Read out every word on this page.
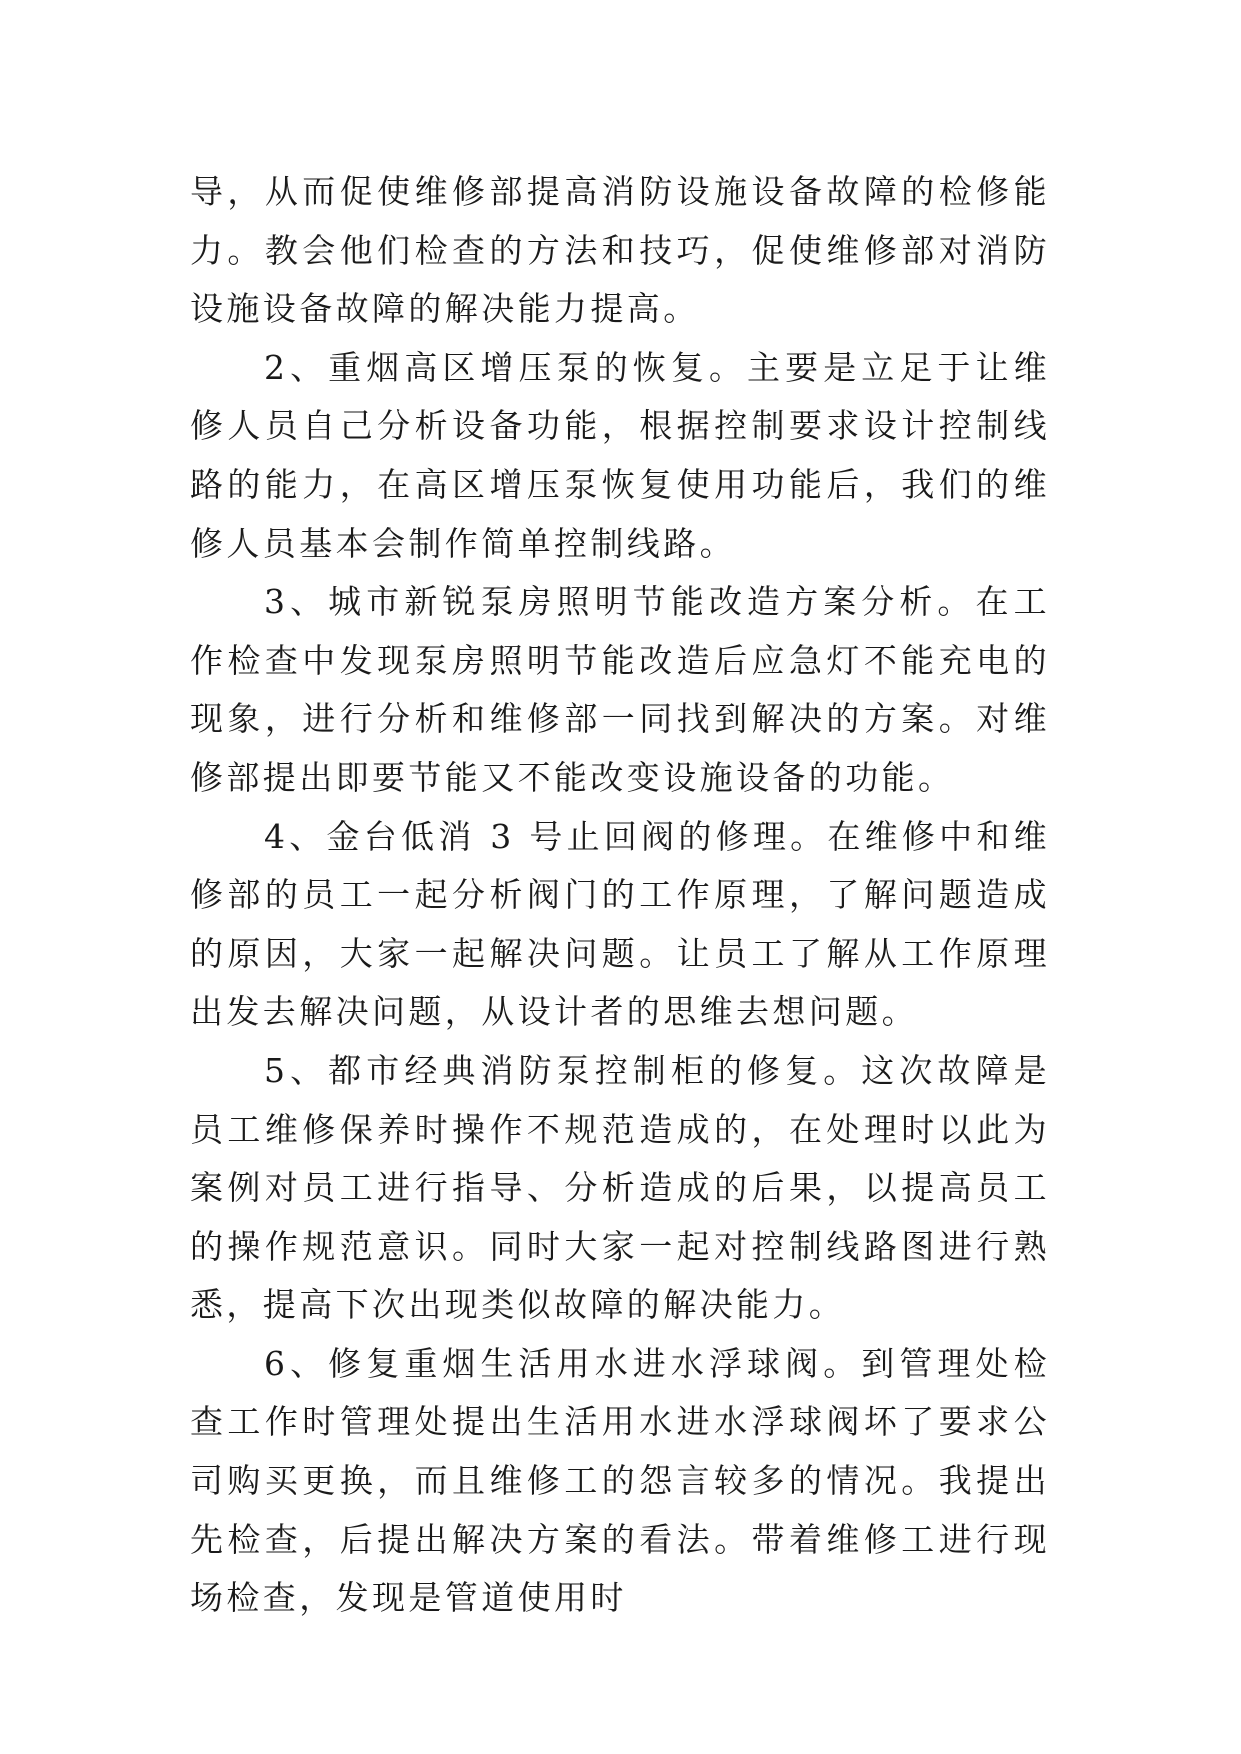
导，从而促使维修部提高消防设施设备故障的检修能力。教会他们检查的方法和技巧，促使维修部对消防设施设备故障的解决能力提高。

2、重烟高区增压泵的恢复。主要是立足于让维修人员自己分析设备功能，根据控制要求设计控制线路的能力，在高区增压泵恢复使用功能后，我们的维修人员基本会制作简单控制线路。

3、城市新锐泵房照明节能改造方案分析。在工作检查中发现泵房照明节能改造后应急灯不能充电的现象，进行分析和维修部一同找到解决的方案。对维修部提出即要节能又不能改变设施设备的功能。

4、金台低消 3 号止回阀的修理。在维修中和维修部的员工一起分析阀门的工作原理，了解问题造成的原因，大家一起解决问题。让员工了解从工作原理出发去解决问题，从设计者的思维去想问题。

5、都市经典消防泵控制柜的修复。这次故障是员工维修保养时操作不规范造成的，在处理时以此为案例对员工进行指导、分析造成的后果，以提高员工的操作规范意识。同时大家一起对控制线路图进行熟悉，提高下次出现类似故障的解决能力。

6、修复重烟生活用水进水浮球阀。到管理处检查工作时管理处提出生活用水进水浮球阀坏了要求公司购买更换，而且维修工的怨言较多的情况。我提出先检查，后提出解决方案的看法。带着维修工进行现场检查，发现是管道使用时
